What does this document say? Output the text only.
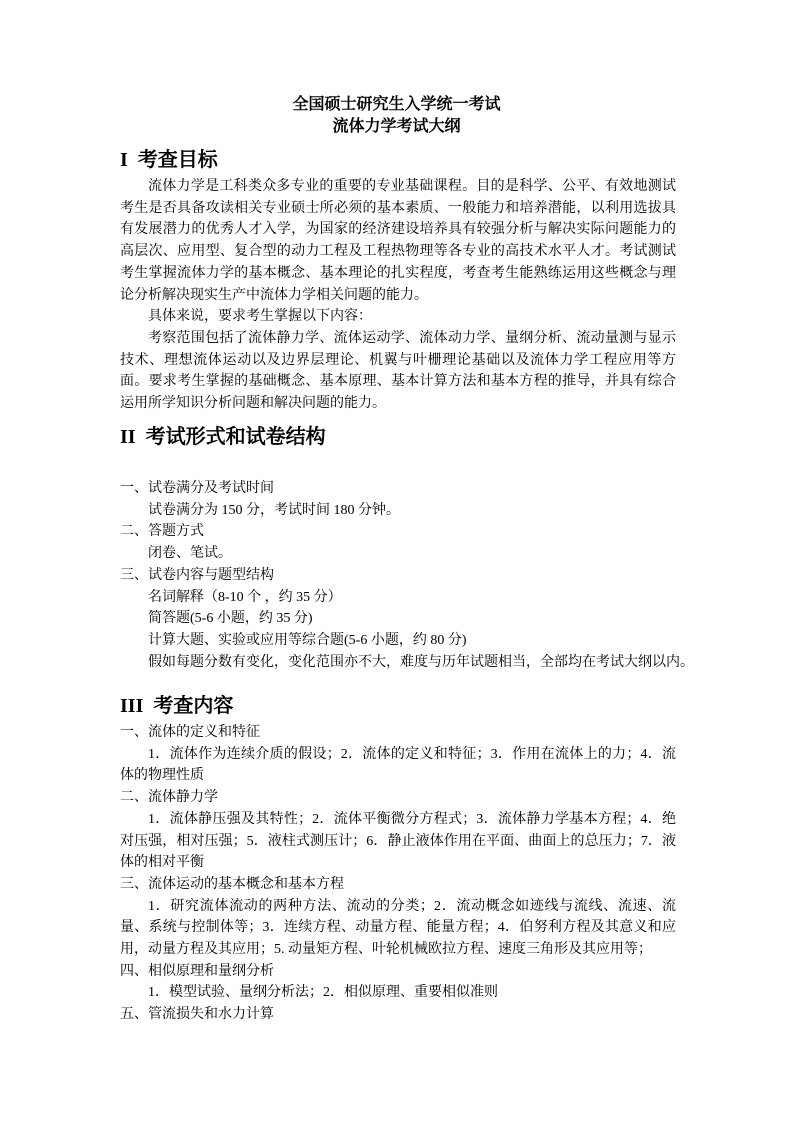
全国硕士研究生入学统一考试
流体力学考试大纲
I  考查目标

流体力学是工科类众多专业的重要的专业基础课程。目的是科学、公平、有效地测试考生是否具备攻读相关专业硕士所必须的基本素质、一般能力和培养潜能，以利用选拔具有发展潜力的优秀人才入学，为国家的经济建设培养具有较强分析与解决实际问题能力的高层次、应用型、复合型的动力工程及工程热物理等各专业的高技术水平人才。考试测试考生掌握流体力学的基本概念、基本理论的扎实程度，考查考生能熟练运用这些概念与理论分析解决现实生产中流体力学相关问题的能力。

具体来说，要求考生掌握以下内容：

考察范围包括了流体静力学、流体运动学、流体动力学、量纲分析、流动量测与显示技术、理想流体运动以及边界层理论、机翼与叶栅理论基础以及流体力学工程应用等方面。要求考生掌握的基础概念、基本原理、基本计算方法和基本方程的推导，并具有综合运用所学知识分析问题和解决问题的能力。

II  考试形式和试卷结构

一、试卷满分及考试时间

试卷满分为 150 分，考试时间 180 分钟。

二、答题方式

闭卷、笔试。

三、试卷内容与题型结构

名词解释（8-10 个 ，约 35 分）

简答题(5-6 小题，约 35 分)

计算大题、实验或应用等综合题(5-6 小题，约 80 分)

假如每题分数有变化，变化范围亦不大，难度与历年试题相当，全部均在考试大纲以内。

III  考查内容

一、流体的定义和特征

1．流体作为连续介质的假设；2．流体的定义和特征；3．作用在流体上的力；4．流体的物理性质

二、流体静力学

1．流体静压强及其特性；2．流体平衡微分方程式；3．流体静力学基本方程；4．绝对压强，相对压强；5．液柱式测压计；6．静止液体作用在平面、曲面上的总压力；7．液体的相对平衡

三、流体运动的基本概念和基本方程

1．研究流体流动的两种方法、流动的分类；2．流动概念如迹线与流线、流速、流量、系统与控制体等；3．连续方程、动量方程、能量方程；4．伯努利方程及其意义和应用，动量方程及其应用；5. 动量矩方程、叶轮机械欧拉方程、速度三角形及其应用等；

四、相似原理和量纲分析

1．模型试验、量纲分析法；2．相似原理、重要相似准则

五、管流损失和水力计算
